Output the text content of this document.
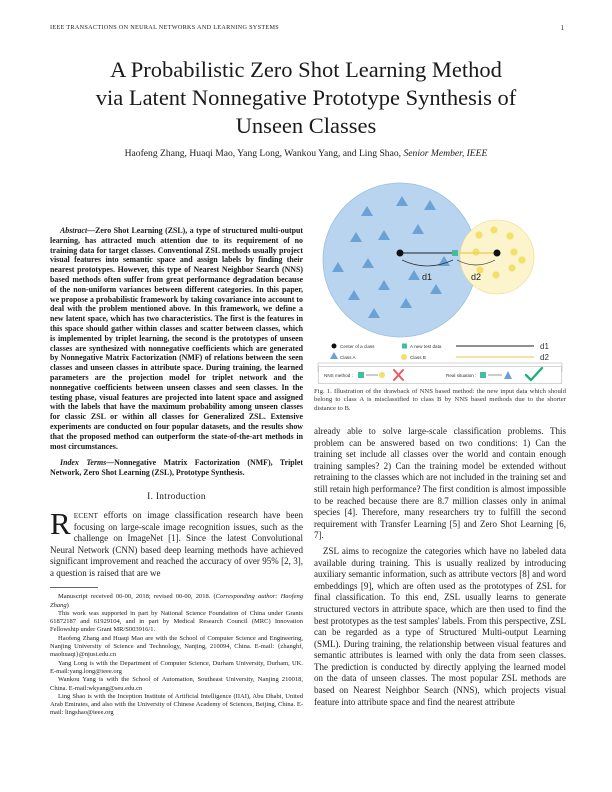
IEEE TRANSACTIONS ON NEURAL NETWORKS AND LEARNING SYSTEMS	1
A Probabilistic Zero Shot Learning Method
via Latent Nonnegative Prototype Synthesis of
Unseen Classes
Haofeng Zhang, Huaqi Mao, Yang Long, Wankou Yang, and Ling Shao, Senior Member, IEEE

Abstract—Zero Shot Learning (ZSL), a type of structured multi-output learning, has attracted much attention due to its requirement of no training data for target classes. Conventional ZSL methods usually project visual features into semantic space and assign labels by finding their nearest prototypes. However, this type of Nearest Neighbor Search (NNS) based methods often suffer from great performance degradation because of the non-uniform variances between different categories. In this paper, we propose a probabilistic framework by taking covariance into account to deal with the problem mentioned above. In this framework, we define a new latent space, which has two characteristics. The first is the features in this space should gather within classes and scatter between classes, which is implemented by triplet learning, the second is the prototypes of unseen classes are synthesized with nonnegative coefficients which are generated by Nonnegative Matrix Factorization (NMF) of relations between the seen classes and unseen classes in attribute space. During training, the learned parameters are the projection model for triplet network and the nonnegative coefficients between unseen classes and seen classes. In the testing phase, visual features are projected into latent space and assigned with the labels that have the maximum probability among unseen classes for classic ZSL or within all classes for Generalized ZSL. Extensive experiments are conducted on four popular datasets, and the results show that the proposed method can outperform the state-of-the-art methods in most circumstances.

Index Terms—Nonnegative Matrix Factorization (NMF), Triplet Network, Zero Shot Learning (ZSL), Prototype Synthesis.

I. Introduction

RECENT efforts on image classification research have been focusing on large-scale image recognition issues, such as the challenge on ImageNet [1]. Since the latest Convolutional Neural Network (CNN) based deep learning methods have achieved significant improvement and reached the accuracy of over 95% [2, 3], a question is raised that are we

Manuscript received 00-00, 2018; revised 00-00, 2018. (Corresponding author: Haofeng Zhang)

This work was supported in part by National Science Foundation of China under Grants 61872187 and 61929104, and in part by Medical Research Council (MRC) Innovation Fellowship under Grant MR/S003916/1.

Haofeng Zhang and Huaqi Mao are with the School of Computer Science and Engineering, Nanjing University of Science and Technology, Nanjing, 210094, China. E-mail: {zhanghf, maohuaqi}@njust.edu.cn

Yang Long is with the Department of Computer Science, Durham University, Durham, UK. E-mail:yang.long@ieee.org

Wankou Yang is with the School of Automation, Southeast University, Nanjing 210018, China. E-mail:wkyang@seu.edu.cn

Ling Shao is with the Inception Institute of Artificial Intelligence (IIAI), Abu Dhabi, United Arab Emirates, and also with the University of Chinese Academy of Sciences, Beijing, China. E-mail: lingshao@ieee.org

d1	d2
Center of a class	A new test data
Class A	Class B
d1
d2
NNS method :	Real situation :
Fig. 1. Illustration of the drawback of NNS based method: the new input data which should belong to class A is misclassified to class B by NNS based methods due to the shorter distance to B.

already able to solve large-scale classification problems. This problem can be answered based on two conditions: 1) Can the training set include all classes over the world and contain enough training samples? 2) Can the training model be extended without retraining to the classes which are not included in the training set and still retain high performance? The first condition is almost impossible to be reached because there are 8.7 million classes only in animal species [4]. Therefore, many researchers try to fulfill the second requirement with Transfer Learning [5] and Zero Shot Learning [6, 7].

ZSL aims to recognize the categories which have no labeled data available during training. This is usually realized by introducing auxiliary semantic information, such as attribute vectors [8] and word embeddings [9], which are often used as the prototypes of ZSL for final classification. To this end, ZSL usually learns to generate structured vectors in attribute space, which are then used to find the best prototypes as the test samples' labels. From this perspective, ZSL can be regarded as a type of Structured Multi-output Learning (SML). During training, the relationship between visual features and semantic attributes is learned with only the data from seen classes. The prediction is conducted by directly applying the learned model on the data of unseen classes. The most popular ZSL methods are based on Nearest Neighbor Search (NNS), which projects visual feature into attribute space and find the nearest attribute
